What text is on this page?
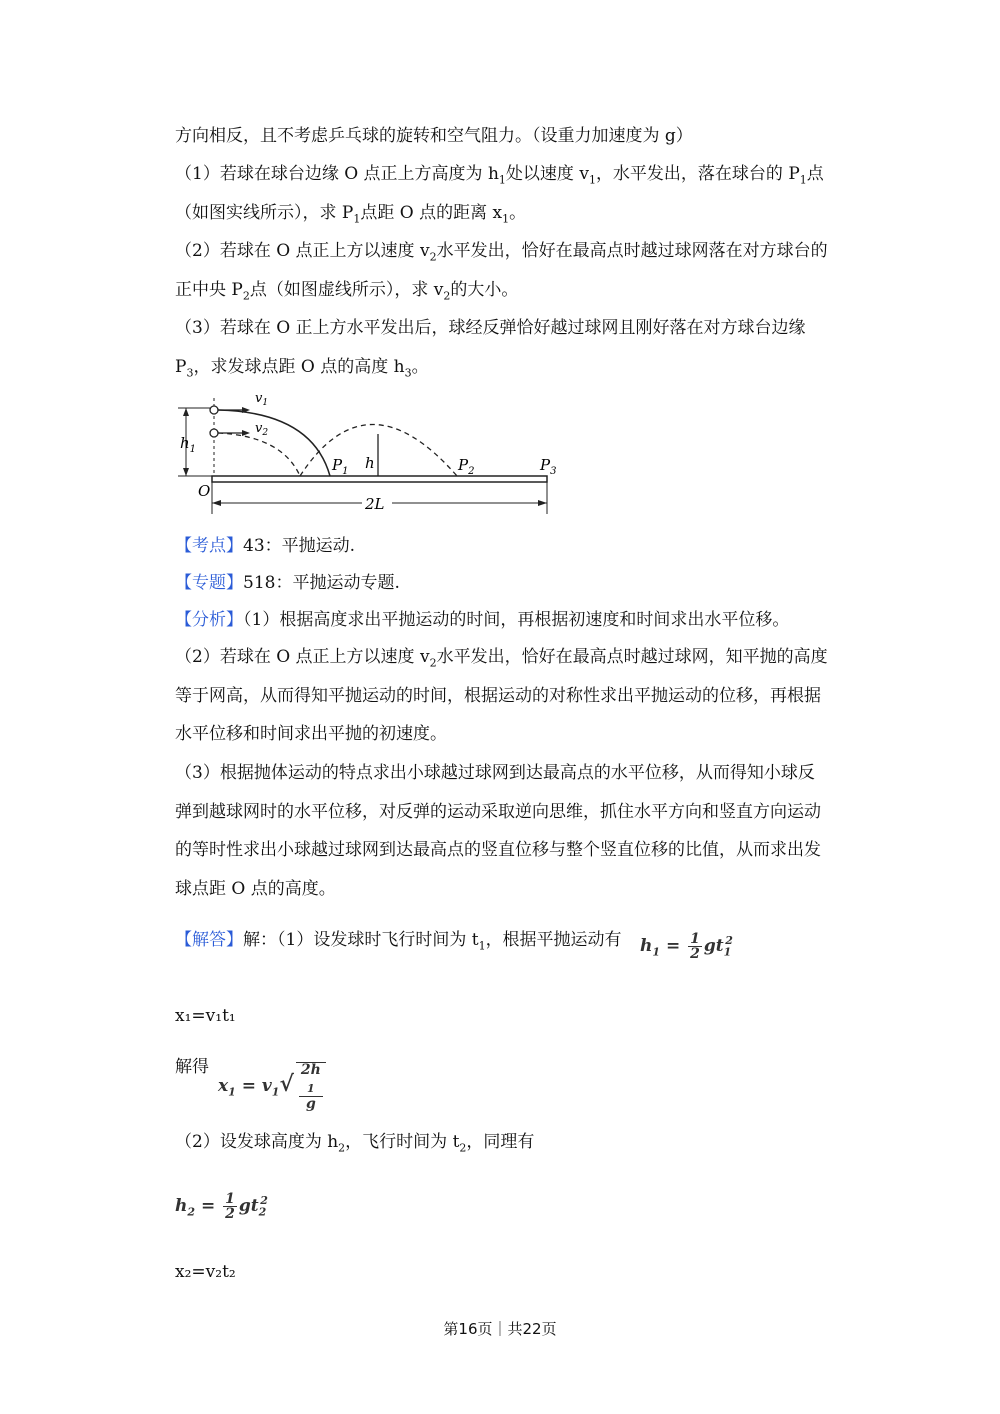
方向相反，且不考虑乒乓球的旋转和空气阻力。（设重力加速度为 g）
（1）若球在球台边缘 O 点正上方高度为 $h_1$处以速度 $v_1$，水平发出，落在球台的 $P_1$点
（如图实线所示），求 $P_1$点距 O 点的距离 $x_1$。
（2）若球在 O 点正上方以速度 $v_2$水平发出，恰好在最高点时越过球网落在对方球台的
正中央 $P_2$点（如图虚线所示），求 $v_2$的大小。
（3）若球在 O 正上方水平发出后，球经反弹恰好越过球网且刚好落在对方球台边缘
$P_3$，求发球点距 O 点的高度 $h_3$。
$v_1$
$v_2$
$h_1$
O
$P_1$ h	$P_2$	$P_3$
2L
【考点】43：平抛运动.
【专题】518：平抛运动专题.
【分析】（1）根据高度求出平抛运动的时间，再根据初速度和时间求出水平位移。
（2）若球在 O 点正上方以速度 $v_2$水平发出，恰好在最高点时越过球网，知平抛的高度
等于网高，从而得知平抛运动的时间，根据运动的对称性求出平抛运动的位移，再根据
水平位移和时间求出平抛的初速度。
（3）根据抛体运动的特点求出小球越过球网到达最高点的水平位移，从而得知小球反
弹到越球网时的水平位移，对反弹的运动采取逆向思维，抓住水平方向和竖直方向运动
的等时性求出小球越过球网到达最高点的竖直位移与整个竖直位移的比值，从而求出发
球点距 O 点的高度。
【解答】解：（1）设发球时飞行时间为 $t_1$，根据平抛运动有 $h_1 = \frac{1}{2} gt_1^2$
x₁=v₁t₁
解得
$x_1 = v_1√$ 2h
$_1$
g
（2）设发球高度为 $h_2$，飞行时间为 $t_2$，同理有
$h_2 = \frac{1}{2} gt_2^2$
x₂=v₂t₂
第16页｜共22页
